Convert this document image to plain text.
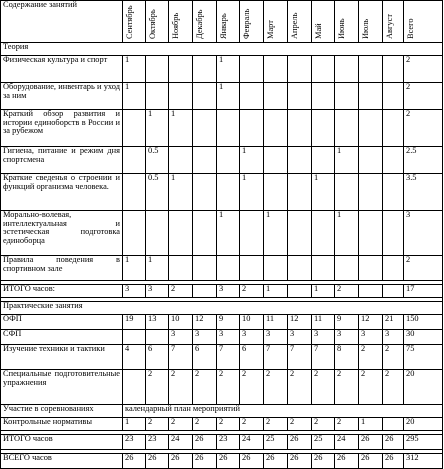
Содержание занятий	Сентябрь	Октябрь	Ноябрь	Декабрь	Январь	Февраль	Март	Апрель	Май	Июнь	Июль	Август	Всего
Теория													
Физическая культура и спорт	1				1								2
Оборудование, инвентарь и уход за ним	1				1								2
Краткий обзор развития и истории единоборств в России и за рубежом		1	1										2
Гигиена, питание и режим дня спортсмена		0.5				1				1			2.5
Краткие сведенья о строении и функций организма человека.		0.5	1			1			1				3.5
Морально-волевая, интеллектуальная и эстетическая подготовка единоборца					1		1			1			3
Правила поведения в спортивном зале	1	1											2

ИТОГО часов:	3	3	2		3	2	1		1	2			17

Практические занятия													
ОФП	19	13	10	12	9	10	11	12	11	9	12	21	150
СФП			3	3	3	3	3	3	3	3	3	3	30
Изучение техники и тактики	4	6	7	6	7	6	7	7	7	8	2	2	75
Специальные подготовительные упражнения		2	2	2	2	2	2	2	2	2	2	2	20
Участие в соревнованиях	календарный план мероприятий												
Контрольные нормативы	1	2	2	2	2	2	2	2	2	2	1		20

ИТОГО часов	23	23	24	26	23	24	25	26	25	24	26	26	295

ВСЕГО часов	26	26	26	26	26	26	26	26	26	26	26	26	312
